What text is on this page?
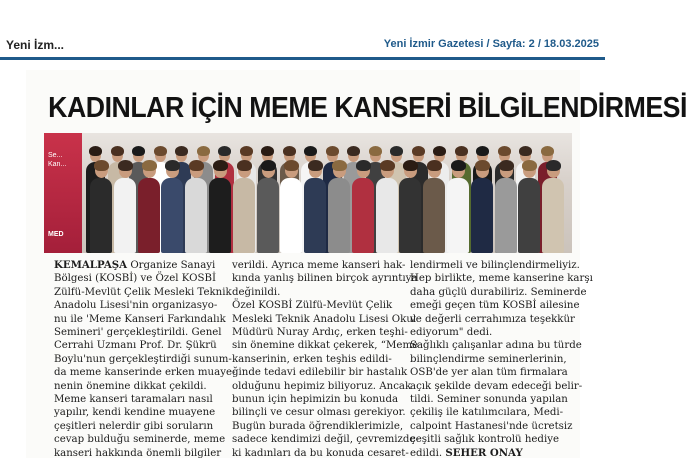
Yeni İzm...	Yeni İzmir Gazetesi / Sayfa: 2 / 18.03.2025
KADINLAR İÇİN MEME KANSERİ BİLGİLENDİRMESİ
Se... Kan...
MED
KEMALPAŞA Organize Sanayi
Bölgesi (KOSBİ) ve Özel KOSBİ
Zülfü-Mevlüt Çelik Mesleki Teknik
Anadolu Lisesi'nin organizasyo-
nu ile 'Meme Kanseri Farkındalık
Semineri' gerçekleştirildi. Genel
Cerrahi Uzmanı Prof. Dr. Şükrü
Boylu'nun gerçekleştirdiği sunum-
da meme kanserinde erken muaye-
nenin önemine dikkat çekildi.
Meme kanseri taramaları nasıl
yapılır, kendi kendine muayene
çeşitleri nelerdir gibi soruların
cevap bulduğu seminerde, meme
kanseri hakkında önemli bilgiler
verildi. Ayrıca meme kanseri hak-
kında yanlış bilinen birçok ayrıntıya
değinildi.
Özel KOSBİ Zülfü-Mevlüt Çelik
Mesleki Teknik Anadolu Lisesi Okul
Müdürü Nuray Ardıç, erken teşhi-
sin önemine dikkat çekerek, “Meme
kanserinin, erken teşhis edildi-
ğinde tedavi edilebilir bir hastalık
olduğunu hepimiz biliyoruz. Ancak
bunun için hepimizin bu konuda
bilinçli ve cesur olması gerekiyor.
Bugün burada öğrendiklerimizle,
sadece kendimizi değil, çevremizde-
ki kadınları da bu konuda cesaret-
lendirmeli ve bilinçlendirmeliyiz.
Hep birlikte, meme kanserine karşı
daha güçlü durabiliriz. Seminerde
emeği geçen tüm KOSBİ ailesine
ve değerli cerrahımıza teşekkür
ediyorum" dedi.
Sağlıklı çalışanlar adına bu türde
bilinçlendirme seminerlerinin,
OSB'de yer alan tüm firmalara
açık şekilde devam edeceği belir-
tildi. Seminer sonunda yapılan
çekiliş ile katılımcılara, Medi-
calpoint Hastanesi'nde ücretsiz
çeşitli sağlık kontrolü hediye
edildi. SEHER ONAY
